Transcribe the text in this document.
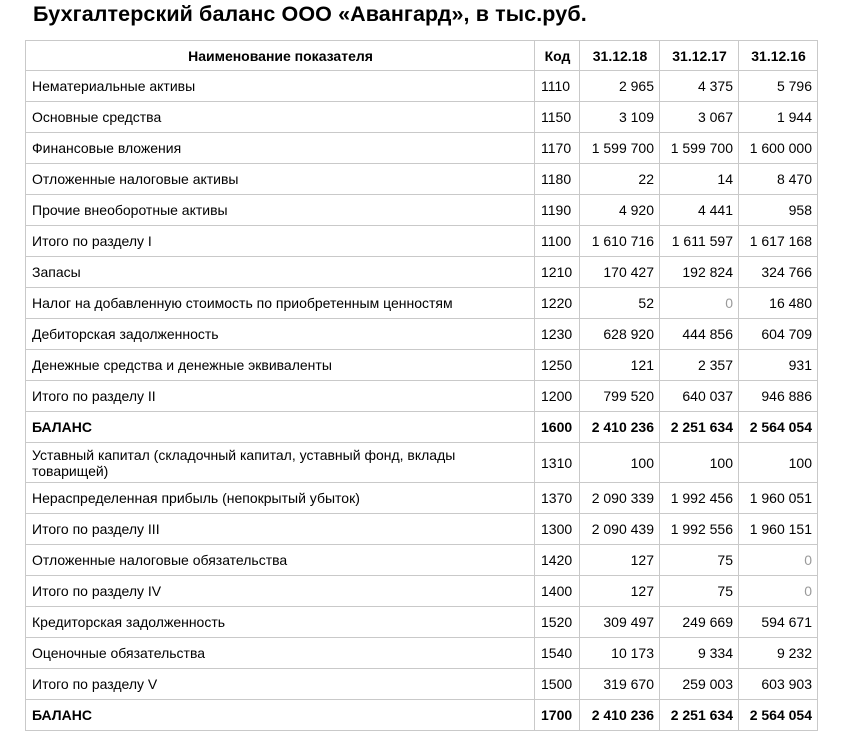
Бухгалтерский баланс ООО «Авангард», в тыс.руб.
Наименование показателя	Код	31.12.18	31.12.17	31.12.16
Нематериальные активы	1110	2 965	4 375	5 796
Основные средства	1150	3 109	3 067	1 944
Финансовые вложения	1170	1 599 700	1 599 700	1 600 000
Отложенные налоговые активы	1180	22	14	8 470
Прочие внеоборотные активы	1190	4 920	4 441	958
Итого по разделу I	1100	1 610 716	1 611 597	1 617 168
Запасы	1210	170 427	192 824	324 766
Налог на добавленную стоимость по приобретенным ценностям	1220	52	0	16 480
Дебиторская задолженность	1230	628 920	444 856	604 709
Денежные средства и денежные эквиваленты	1250	121	2 357	931
Итого по разделу II	1200	799 520	640 037	946 886
БАЛАНС	1600	2 410 236	2 251 634	2 564 054
Уставный капитал (складочный капитал, уставный фонд, вклады товарищей)	1310	100	100	100
Нераспределенная прибыль (непокрытый убыток)	1370	2 090 339	1 992 456	1 960 051
Итого по разделу III	1300	2 090 439	1 992 556	1 960 151
Отложенные налоговые обязательства	1420	127	75	0
Итого по разделу IV	1400	127	75	0
Кредиторская задолженность	1520	309 497	249 669	594 671
Оценочные обязательства	1540	10 173	9 334	9 232
Итого по разделу V	1500	319 670	259 003	603 903
БАЛАНС	1700	2 410 236	2 251 634	2 564 054
